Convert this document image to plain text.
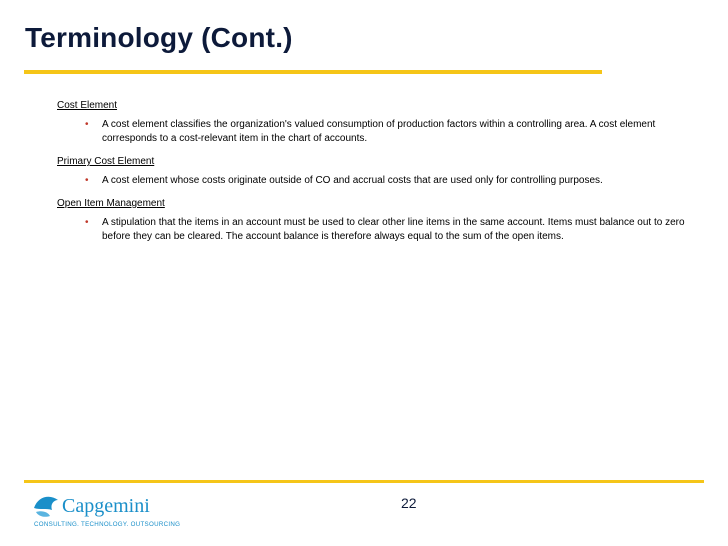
Terminology (Cont.)

Cost Element

• A cost element classifies the organization's valued consumption of production factors within a controlling area. A cost element corresponds to a cost-relevant item in the chart of accounts.

Primary Cost Element

• A cost element whose costs originate outside of CO and accrual costs that are used only for controlling purposes.

Open Item Management

• A stipulation that the items in an account must be used to clear other line items in the same account. Items must balance out to zero before they can be cleared. The account balance is therefore always equal to the sum of the open items.
Capgemini
CONSULTING. TECHNOLOGY. OUTSOURCING
22
